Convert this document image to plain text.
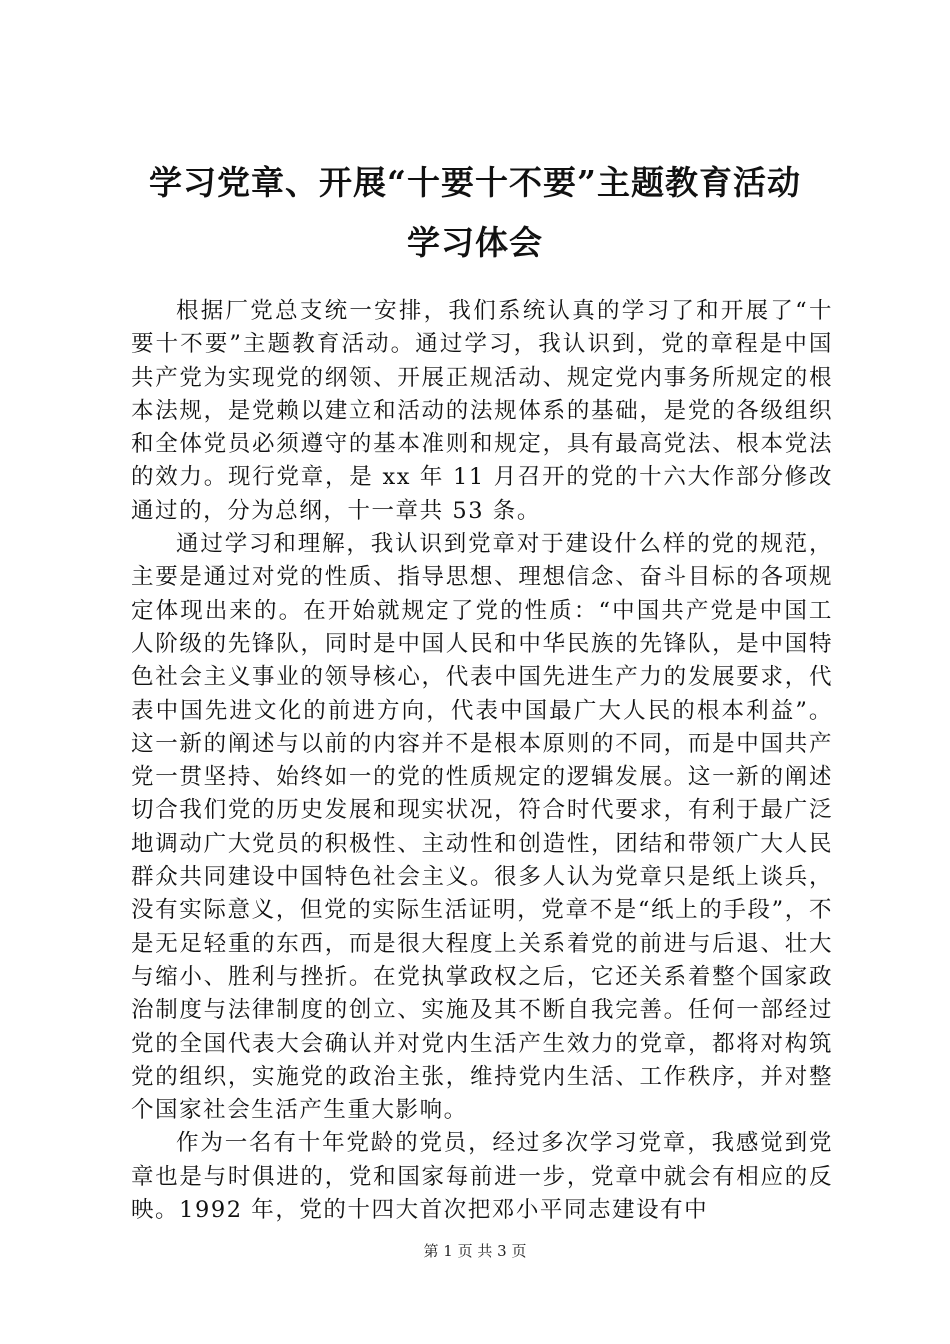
学习党章、开展“十要十不要”主题教育活动
学习体会

根据厂党总支统一安排，我们系统认真的学习了和开展了“十要十不要”主题教育活动。通过学习，我认识到，党的章程是中国共产党为实现党的纲领、开展正规活动、规定党内事务所规定的根本法规，是党赖以建立和活动的法规体系的基础，是党的各级组织和全体党员必须遵守的基本准则和规定，具有最高党法、根本党法的效力。现行党章，是 xx 年 11 月召开的党的十六大作部分修改通过的，分为总纲，十一章共 53 条。

通过学习和理解，我认识到党章对于建设什么样的党的规范，主要是通过对党的性质、指导思想、理想信念、奋斗目标的各项规定体现出来的。在开始就规定了党的性质：“中国共产党是中国工人阶级的先锋队，同时是中国人民和中华民族的先锋队，是中国特色社会主义事业的领导核心，代表中国先进生产力的发展要求，代表中国先进文化的前进方向，代表中国最广大人民的根本利益”。这一新的阐述与以前的内容并不是根本原则的不同，而是中国共产党一贯坚持、始终如一的党的性质规定的逻辑发展。这一新的阐述切合我们党的历史发展和现实状况，符合时代要求，有利于最广泛地调动广大党员的积极性、主动性和创造性，团结和带领广大人民群众共同建设中国特色社会主义。很多人认为党章只是纸上谈兵，没有实际意义，但党的实际生活证明，党章不是“纸上的手段”，不是无足轻重的东西，而是很大程度上关系着党的前进与后退、壮大与缩小、胜利与挫折。在党执掌政权之后，它还关系着整个国家政治制度与法律制度的创立、实施及其不断自我完善。任何一部经过党的全国代表大会确认并对党内生活产生效力的党章，都将对构筑党的组织，实施党的政治主张，维持党内生活、工作秩序，并对整个国家社会生活产生重大影响。

作为一名有十年党龄的党员，经过多次学习党章，我感觉到党章也是与时俱进的，党和国家每前进一步，党章中就会有相应的反映。1992 年，党的十四大首次把邓小平同志建设有中

第 1 页 共 3 页
